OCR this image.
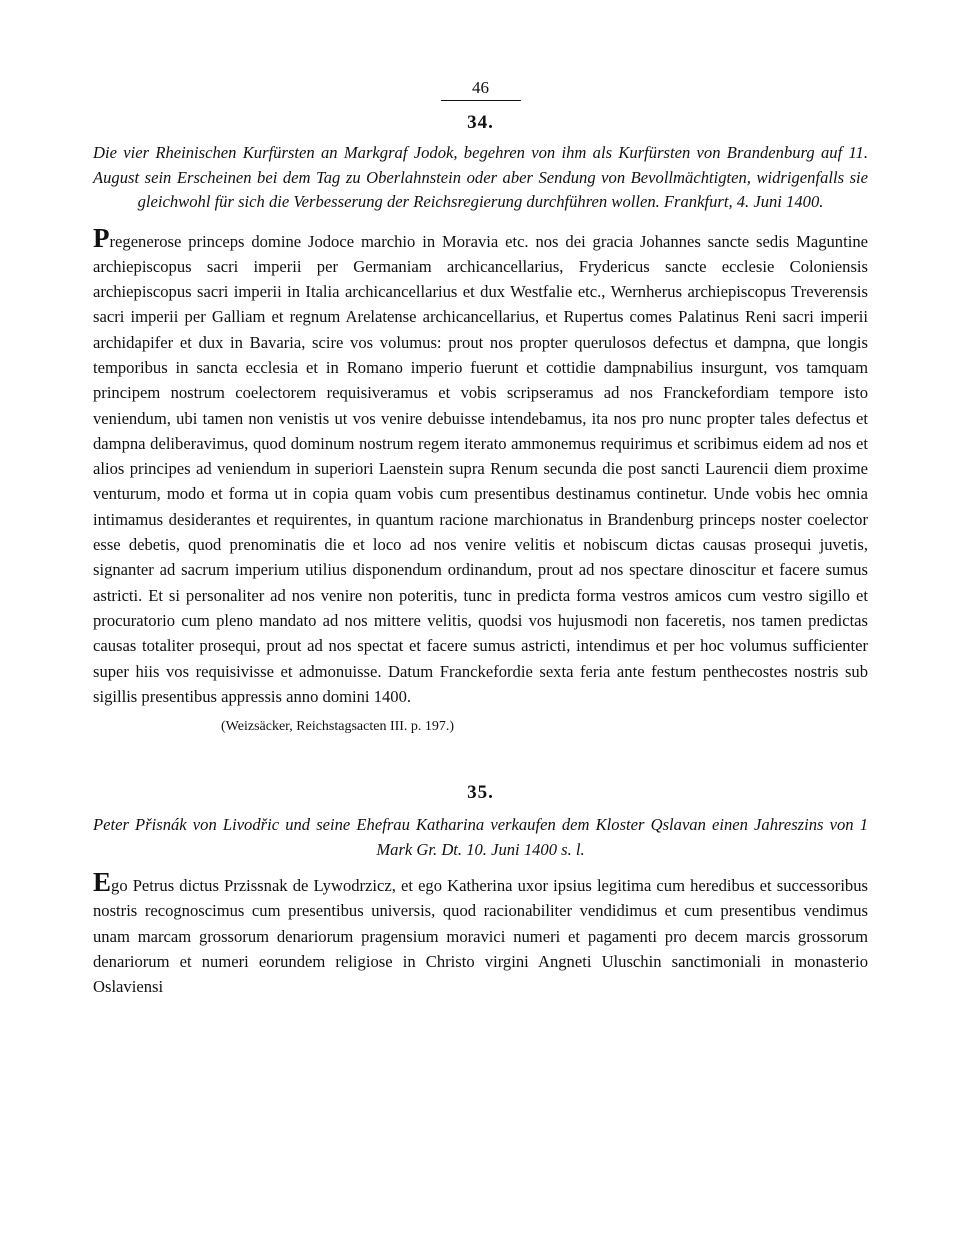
46
34.
Die vier Rheinischen Kurfürsten an Markgraf Jodok, begehren von ihm als Kurfürsten von Brandenburg auf 11. August sein Erscheinen bei dem Tag zu Oberlahnstein oder aber Sendung von Bevollmächtigten, widrigenfalls sie gleichwohl für sich die Verbesserung der Reichsregierung durchführen wollen. Frankfurt, 4. Juni 1400.
Pregenerose princeps domine Jodoce marchio in Moravia etc. nos dei gracia Johannes sancte sedis Maguntine archiepiscopus sacri imperii per Germaniam archicancellarius, Frydericus sancte ecclesie Coloniensis archiepiscopus sacri imperii in Italia archicancellarius et dux Westfalie etc., Wernherus archiepiscopus Treverensis sacri imperii per Galliam et regnum Arelatense archicancellarius, et Rupertus comes Palatinus Reni sacri imperii archidapifer et dux in Bavaria, scire vos volumus: prout nos propter querulosos defectus et dampna, que longis temporibus in sancta ecclesia et in Romano imperio fuerunt et cottidie dampnabilius insurgunt, vos tamquam principem nostrum coelectorem requisiveramus et vobis scripseramus ad nos Franckefordiam tempore isto veniendum, ubi tamen non venistis ut vos venire debuisse intendebamus, ita nos pro nunc propter tales defectus et dampna deliberavimus, quod dominum nostrum regem iterato ammonemus requirimus et scribimus eidem ad nos et alios principes ad veniendum in superiori Laenstein supra Renum secunda die post sancti Laurencii diem proxime venturum, modo et forma ut in copia quam vobis cum presentibus destinamus continetur. Unde vobis hec omnia intimamus desiderantes et requirentes, in quantum racione marchionatus in Brandenburg princeps noster coelector esse debetis, quod prenominatis die et loco ad nos venire velitis et nobiscum dictas causas prosequi juvetis, signanter ad sacrum imperium utilius disponendum ordinandum, prout ad nos spectare dinoscitur et facere sumus astricti. Et si personaliter ad nos venire non poteritis, tunc in predicta forma vestros amicos cum vestro sigillo et procuratorio cum pleno mandato ad nos mittere velitis, quodsi vos hujusmodi non faceretis, nos tamen predictas causas totaliter prosequi, prout ad nos spectat et facere sumus astricti, intendimus et per hoc volumus sufficienter super hiis vos requisivisse et admonuisse. Datum Franckefordie sexta feria ante festum penthecostes nostris sub sigillis presentibus appressis anno domini 1400.
(Weizsäcker, Reichstagsacten III. p. 197.)
35.
Peter Přisnák von Livodřic und seine Ehefrau Katharina verkaufen dem Kloster Qslavan einen Jahreszins von 1 Mark Gr. Dt. 10. Juni 1400 s. l.
Ego Petrus dictus Przissnak de Lywodrzicz, et ego Katherina uxor ipsius legitima cum heredibus et successoribus nostris recognoscimus cum presentibus universis, quod racionabiliter vendidimus et cum presentibus vendimus unam marcam grossorum denariorum pragensium moravici numeri et pagamenti pro decem marcis grossorum denariorum et numeri eorundem religiose in Christo virgini Angneti Uluschin sanctimoniali in monasterio Oslaviensi
